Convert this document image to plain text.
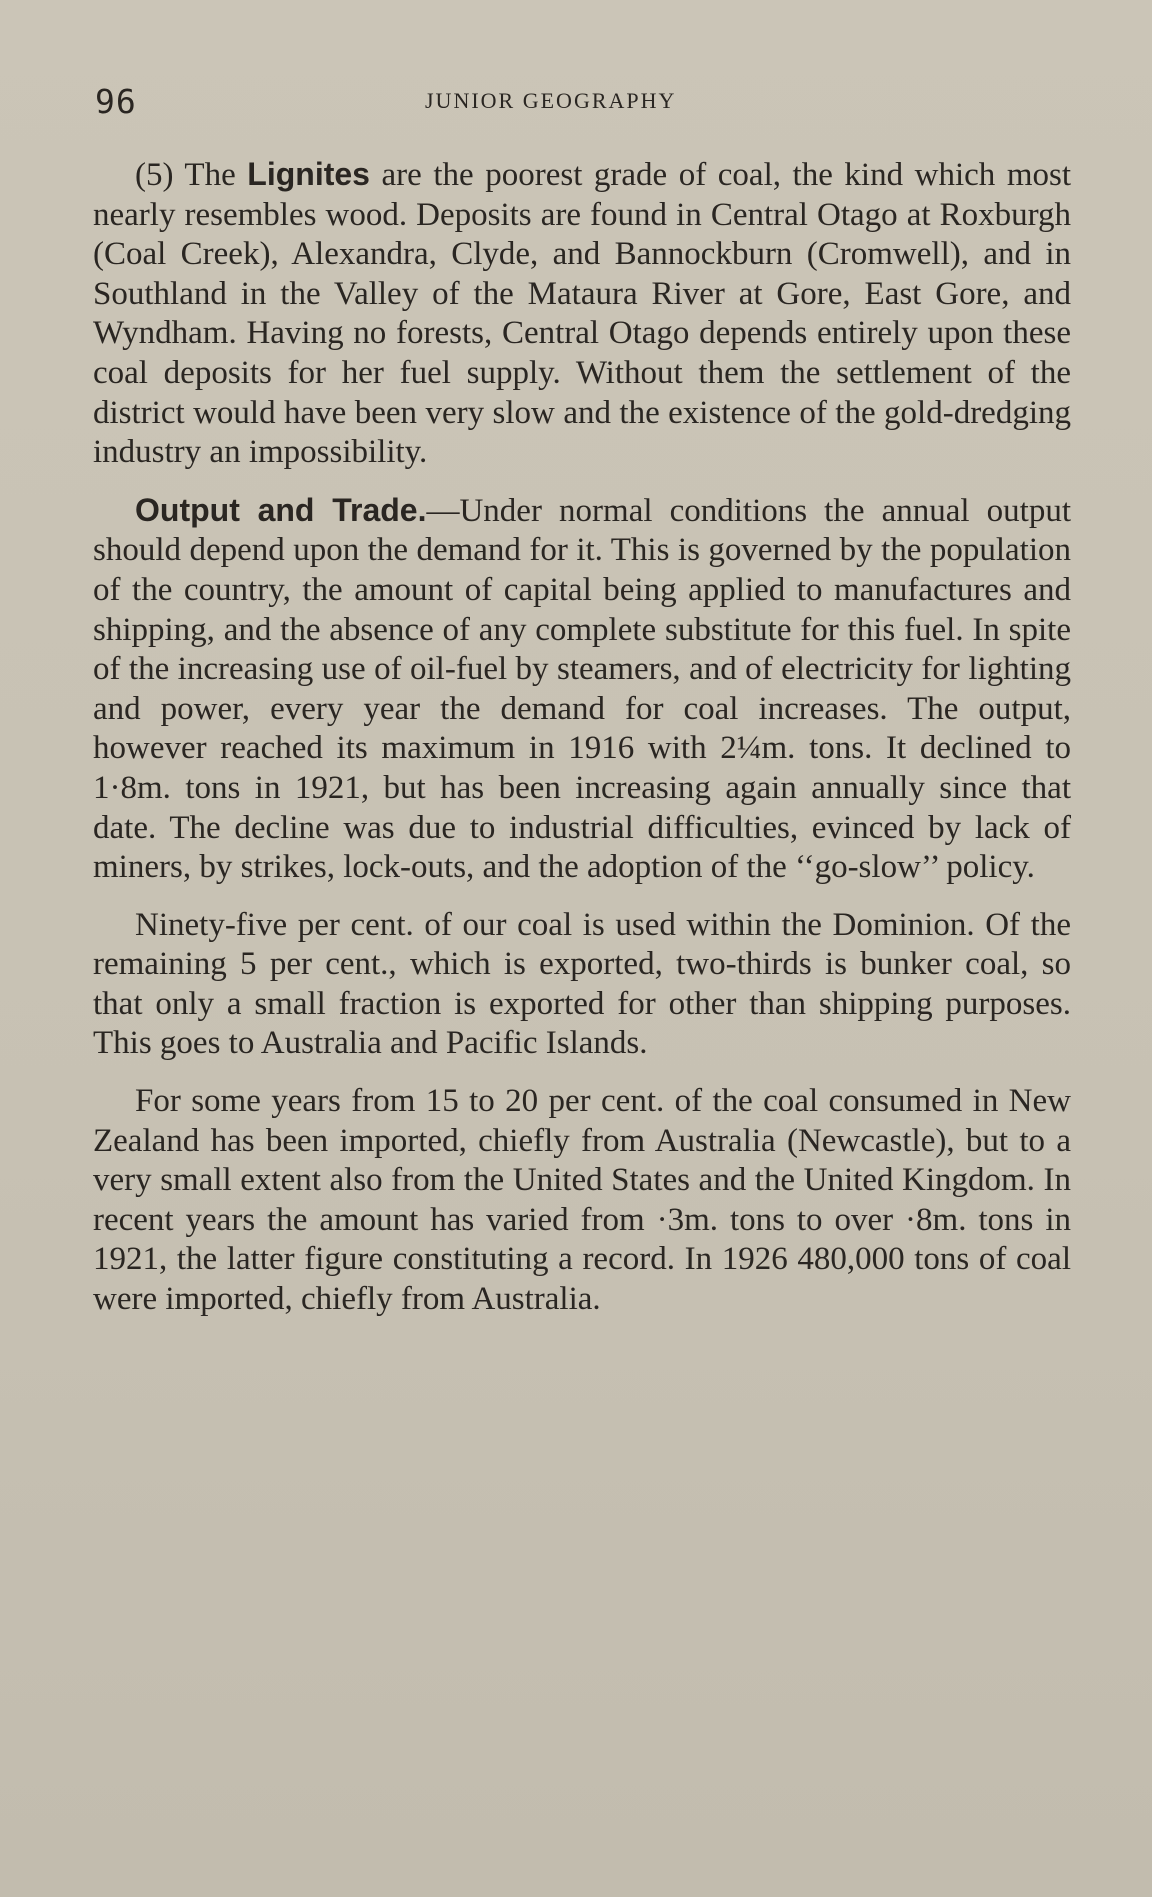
96	JUNIOR GEOGRAPHY

(5) The Lignites are the poorest grade of coal, the kind which most nearly resembles wood. Deposits are found in Central Otago at Roxburgh (Coal Creek), Alexandra, Clyde, and Bannockburn (Cromwell), and in Southland in the Valley of the Mataura River at Gore, East Gore, and Wyndham. Having no forests, Central Otago depends entirely upon these coal deposits for her fuel supply. Without them the settlement of the district would have been very slow and the existence of the gold-dredging industry an impossibility.

Output and Trade.—Under normal conditions the annual output should depend upon the demand for it. This is governed by the population of the country, the amount of capital being applied to manufactures and shipping, and the absence of any complete substitute for this fuel. In spite of the increasing use of oil-fuel by steamers, and of electricity for lighting and power, every year the demand for coal increases. The output, however reached its maximum in 1916 with 2¼m. tons. It declined to 1·8m. tons in 1921, but has been increasing again annually since that date. The decline was due to industrial difficulties, evinced by lack of miners, by strikes, lock-outs, and the adoption of the ‘‘go-slow’’ policy.

Ninety-five per cent. of our coal is used within the Dominion. Of the remaining 5 per cent., which is exported, two-thirds is bunker coal, so that only a small fraction is exported for other than shipping purposes. This goes to Australia and Pacific Islands.

For some years from 15 to 20 per cent. of the coal consumed in New Zealand has been imported, chiefly from Australia (Newcastle), but to a very small extent also from the United States and the United Kingdom. In recent years the amount has varied from ·3m. tons to over ·8m. tons in 1921, the latter figure constituting a record. In 1926 480,000 tons of coal were imported, chiefly from Australia.
